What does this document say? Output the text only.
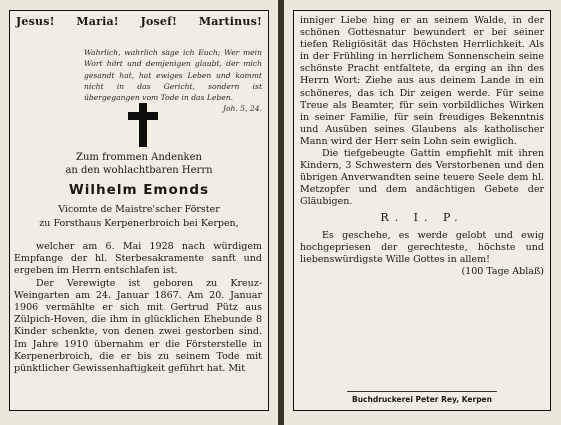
Jesus! Maria! Josef! Martinus!
Wahrlich, wahrlich sage ich Euch; Wer mein Wort hört und demjenigen glaubt, der mich gesandt hat, hat ewiges Leben und kommt nicht in das Gericht, sondern ist übergegangen vom Tode in das Leben.
Joh. 5, 24.
Zum frommen Andenken
an den wohlachtbaren Herrn
Wilhelm Emonds
Vicomte de Maistre'scher Förster
zu Forsthaus Kerpenerbroich bei Kerpen,

welcher am 6. Mai 1928 nach würdigem Empfange der hl. Sterbesakramente sanft und ergeben im Herrn entschlafen ist.

Der Verewigte ist geboren zu Kreuz-Weingarten am 24. Januar 1867. Am 20. Januar 1906 vermählte er sich mit Gertrud Pütz aus Zülpich-Hoven, die ihm in glücklichen Ehebunde 8 Kinder schenkte, von denen zwei gestorben sind. Im Jahre 1910 übernahm er die Försterstelle in Kerpenerbroich, die er bis zu seinem Tode mit pünktlicher Gewissenhaftigkeit geführt hat. Mit

inniger Liebe hing er an seinem Walde, in der schönen Gottesnatur bewundert er bei seiner tiefen Religiösität das Höchsten Herrlichkeit. Als in der Frühling in herrlichem Sonnenschein seine schönste Pracht entfaltete, da erging an ihn des Herrn Wort: Ziehe aus aus deinem Lande in ein schöneres, das ich Dir zeigen werde. Für seine Treue als Beamter, für sein vorbildliches Wirken in seiner Familie, für sein freudiges Bekenntnis und Ausüben seines Glaubens als katholischer Mann wird der Herr sein Lohn sein ewiglich.

Die tiefgebeugte Gattin empfiehlt mit ihren Kindern, 3 Schwestern des Verstorbenen und den übrigen Anverwandten seine teuere Seele dem hl. Metzopfer und dem andächtigen Gebete der Gläubigen.

R. I. P.

Es geschehe, es werde gelobt und ewig hochgepriesen der gerechteste, höchste und liebenswürdigste Wille Gottes in allem!

(100 Tage Ablaß)
Buchdruckerei Peter Rey, Kerpen
